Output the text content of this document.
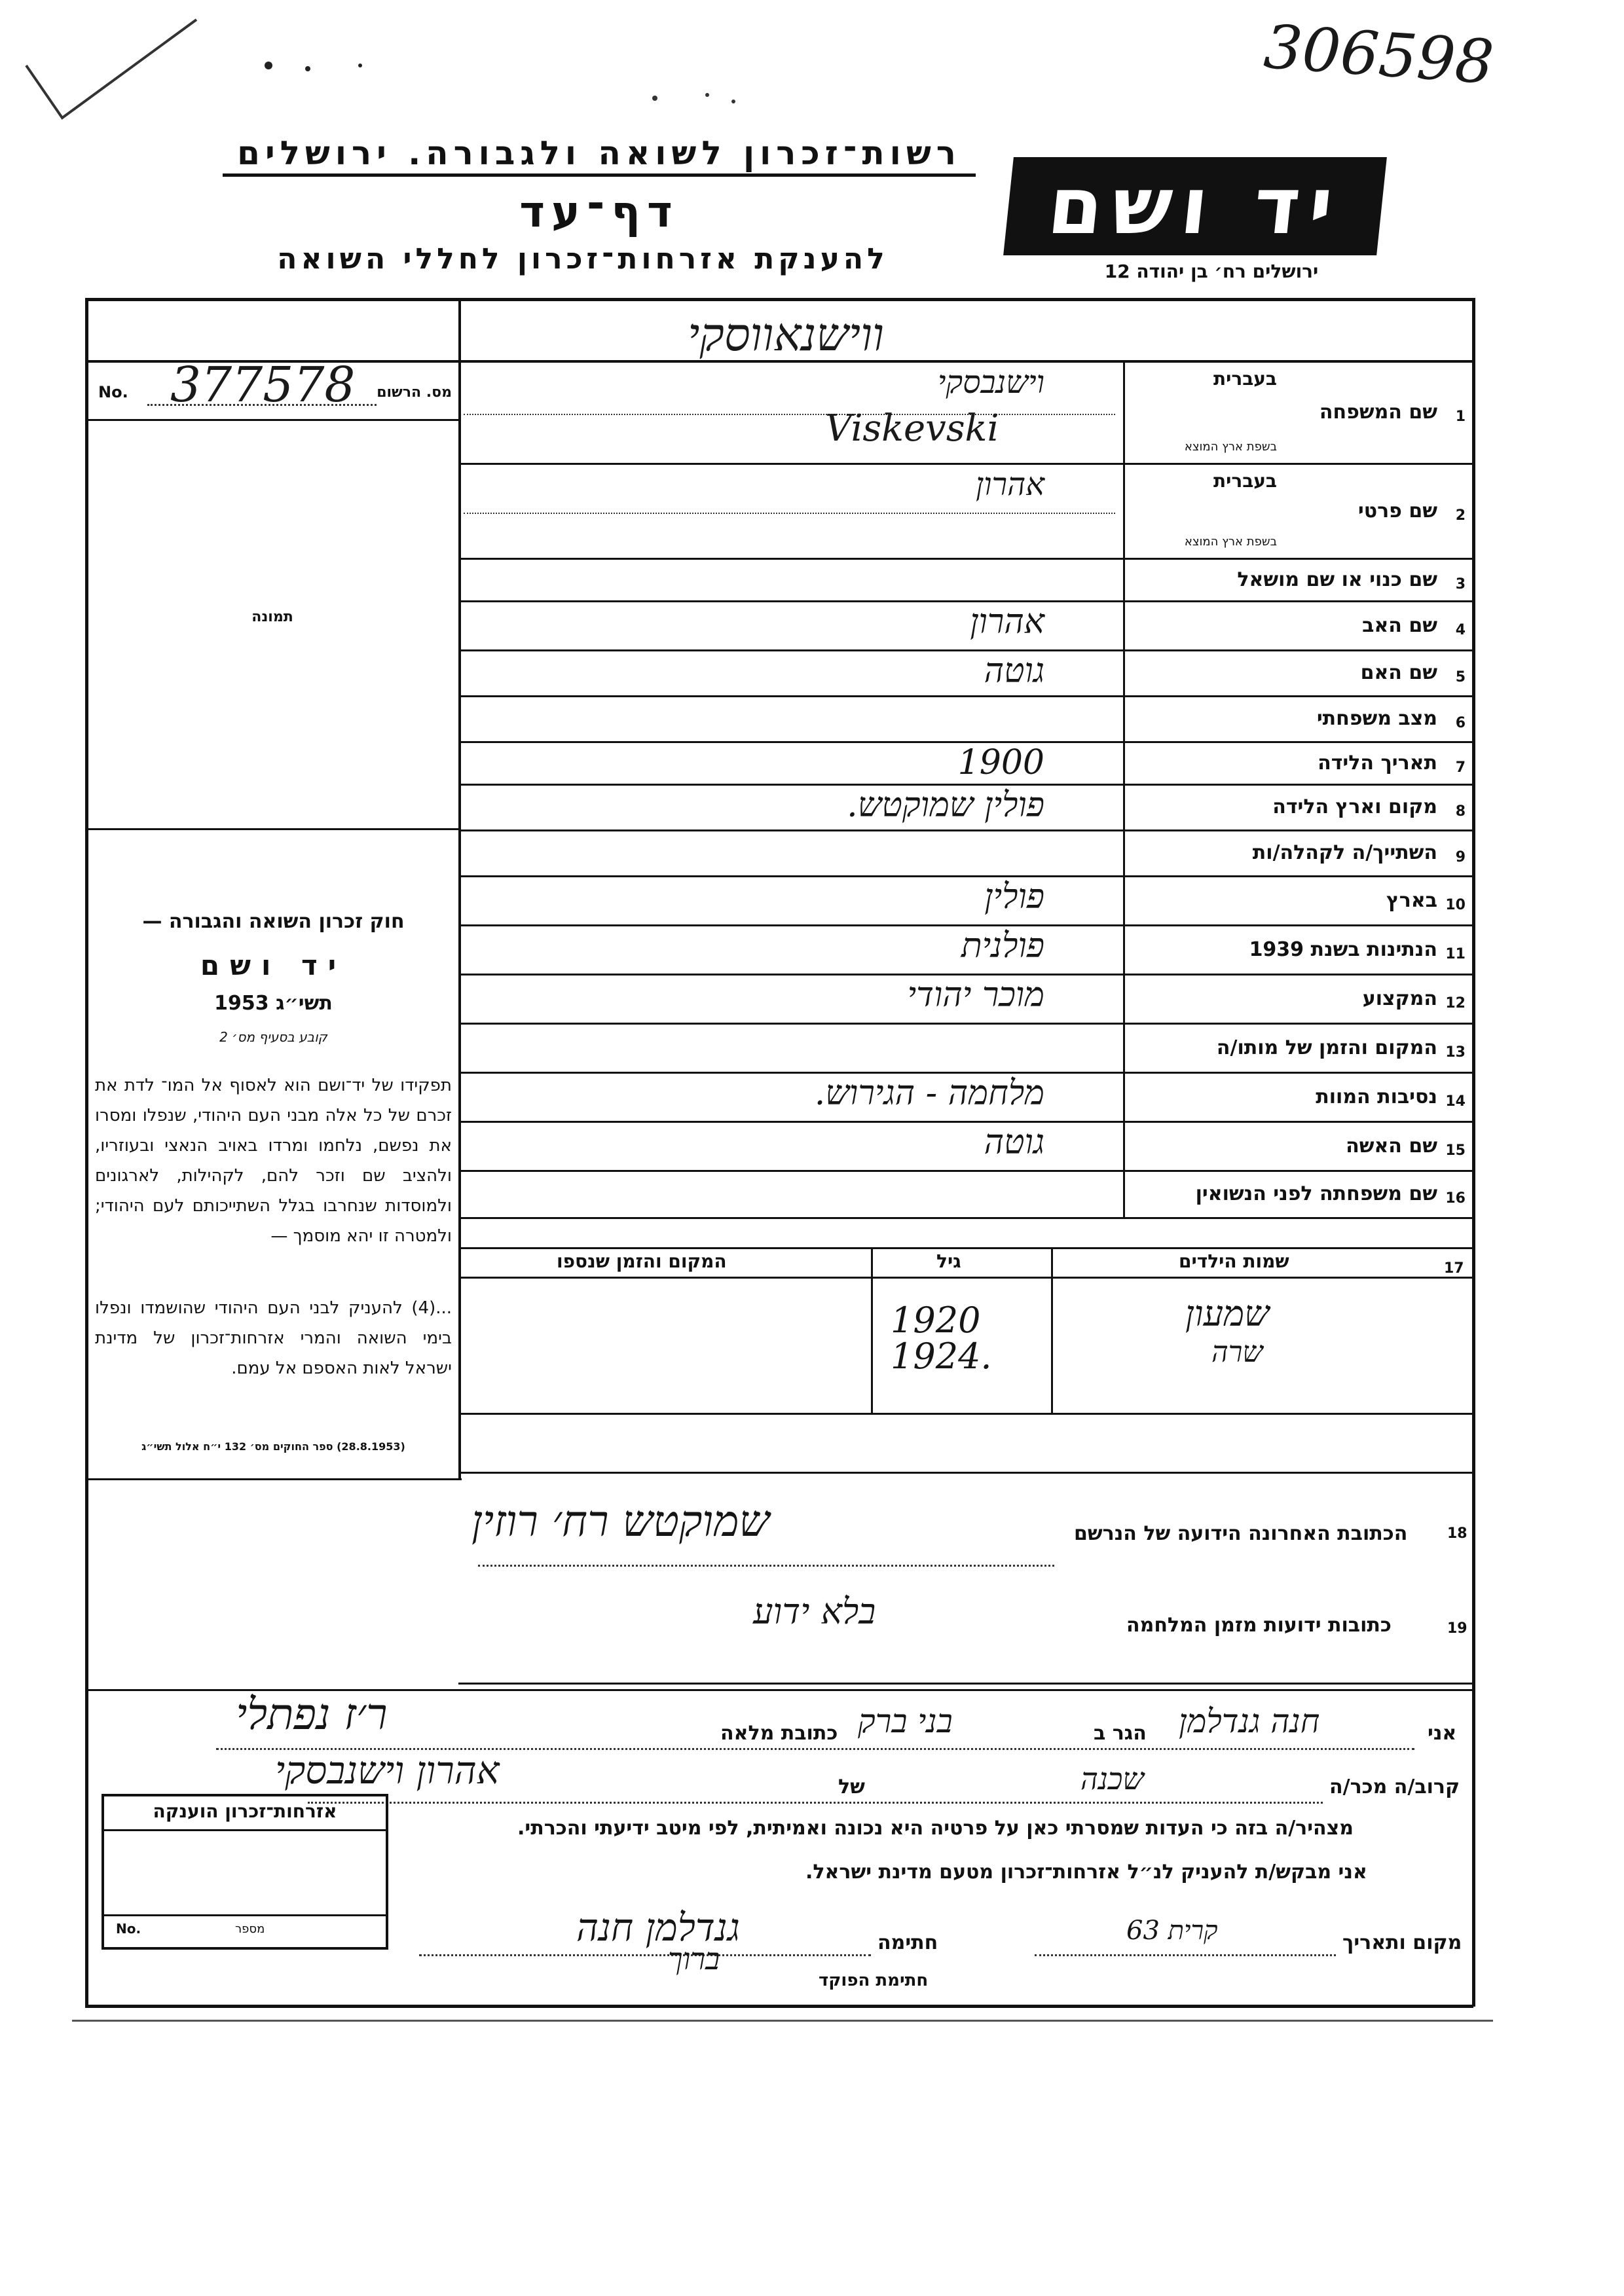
306598
רשות־זכרון לשואה ולגבורה. ירושלים
דף־עד
להענקת אזרחות־זכרון לחללי השואה
יד ושם
ירושלים רח׳ בן יהודה 12
ווישנאווסקי
No. 377578 מס. הרשום
תמונה
חוק זכרון השואה והגבורה —
יד ושם
תשי״ג 1953
קובע בסעיף מס׳ 2
תפקידו של יד־ושם הוא לאסוף אל המו־ לדת את זכרם של כל אלה מבני העם היהודי, שנפלו ומסרו את נפשם, נלחמו ומרדו באויב הנאצי ובעוזריו, ולהציב שם וזכר להם, לקהילות, לארגונים ולמוסדות שנחרבו בגלל השתייכותם לעם היהודי; ולמטרה זו יהא מוסמך —
...(4) להעניק לבני העם היהודי שהושמדו ונפלו בימי השואה והמרי אזרחות־זכרון של מדינת ישראל לאות האספם אל עמם.
(28.8.1953) ספר החוקים מס׳ 132 י״ח אלול תשי״ג
1
שם המשפחה
בעברית
בשפת ארץ המוצא
וישנבסקי
Viskevski
2
שם פרטי
בעברית
בשפת ארץ המוצא
אהרון
3
שם כנוי או שם מושאל
4
שם האב
אהרון
5
שם האם
גוטה
6
מצב משפחתי
7
תאריך הלידה
1900
8
מקום וארץ הלידה
פולין שמוקטש.
9
השתייך/ה לקהלה/ות
10
בארץ
פולין
11
הנתינות בשנת 1939
פולנית
12
המקצוע
מוכר יהודי
13
המקום והזמן של מותו/ה
14
נסיבות המוות
מלחמה - הגירוש.
15
שם האשה
גוטה
16
שם משפחתה לפני הנשואין
17
שמות הילדים
גיל
המקום והזמן שנספו
שמעון
שרה
1920
1924.
18
הכתובת האחרונה הידועה של הנרשם
שמוקטש רח׳ רוזין
19
כתובות ידועות מזמן המלחמה
בלא ידוע
אני
חנה גנדלמן
הגר ב
בני ברק
כתובת מלאה
ר׳ז נפתלי
קרוב/ה מכר/ה
שכנה
של
אהרון וישנבסקי
מצהיר/ה בזה כי העדות שמסרתי כאן על פרטיה היא נכונה ואמיתית, לפי מיטב ידיעתי והכרתי.
אני מבקש/ת להעניק לנ״ל אזרחות־זכרון מטעם מדינת ישראל.
מקום ותאריך
קרית 63
חתימה
גנדלמן חנה
חתימת הפוקד
ברוך
אזרחות־זכרון הוענקה
No.	מספר
